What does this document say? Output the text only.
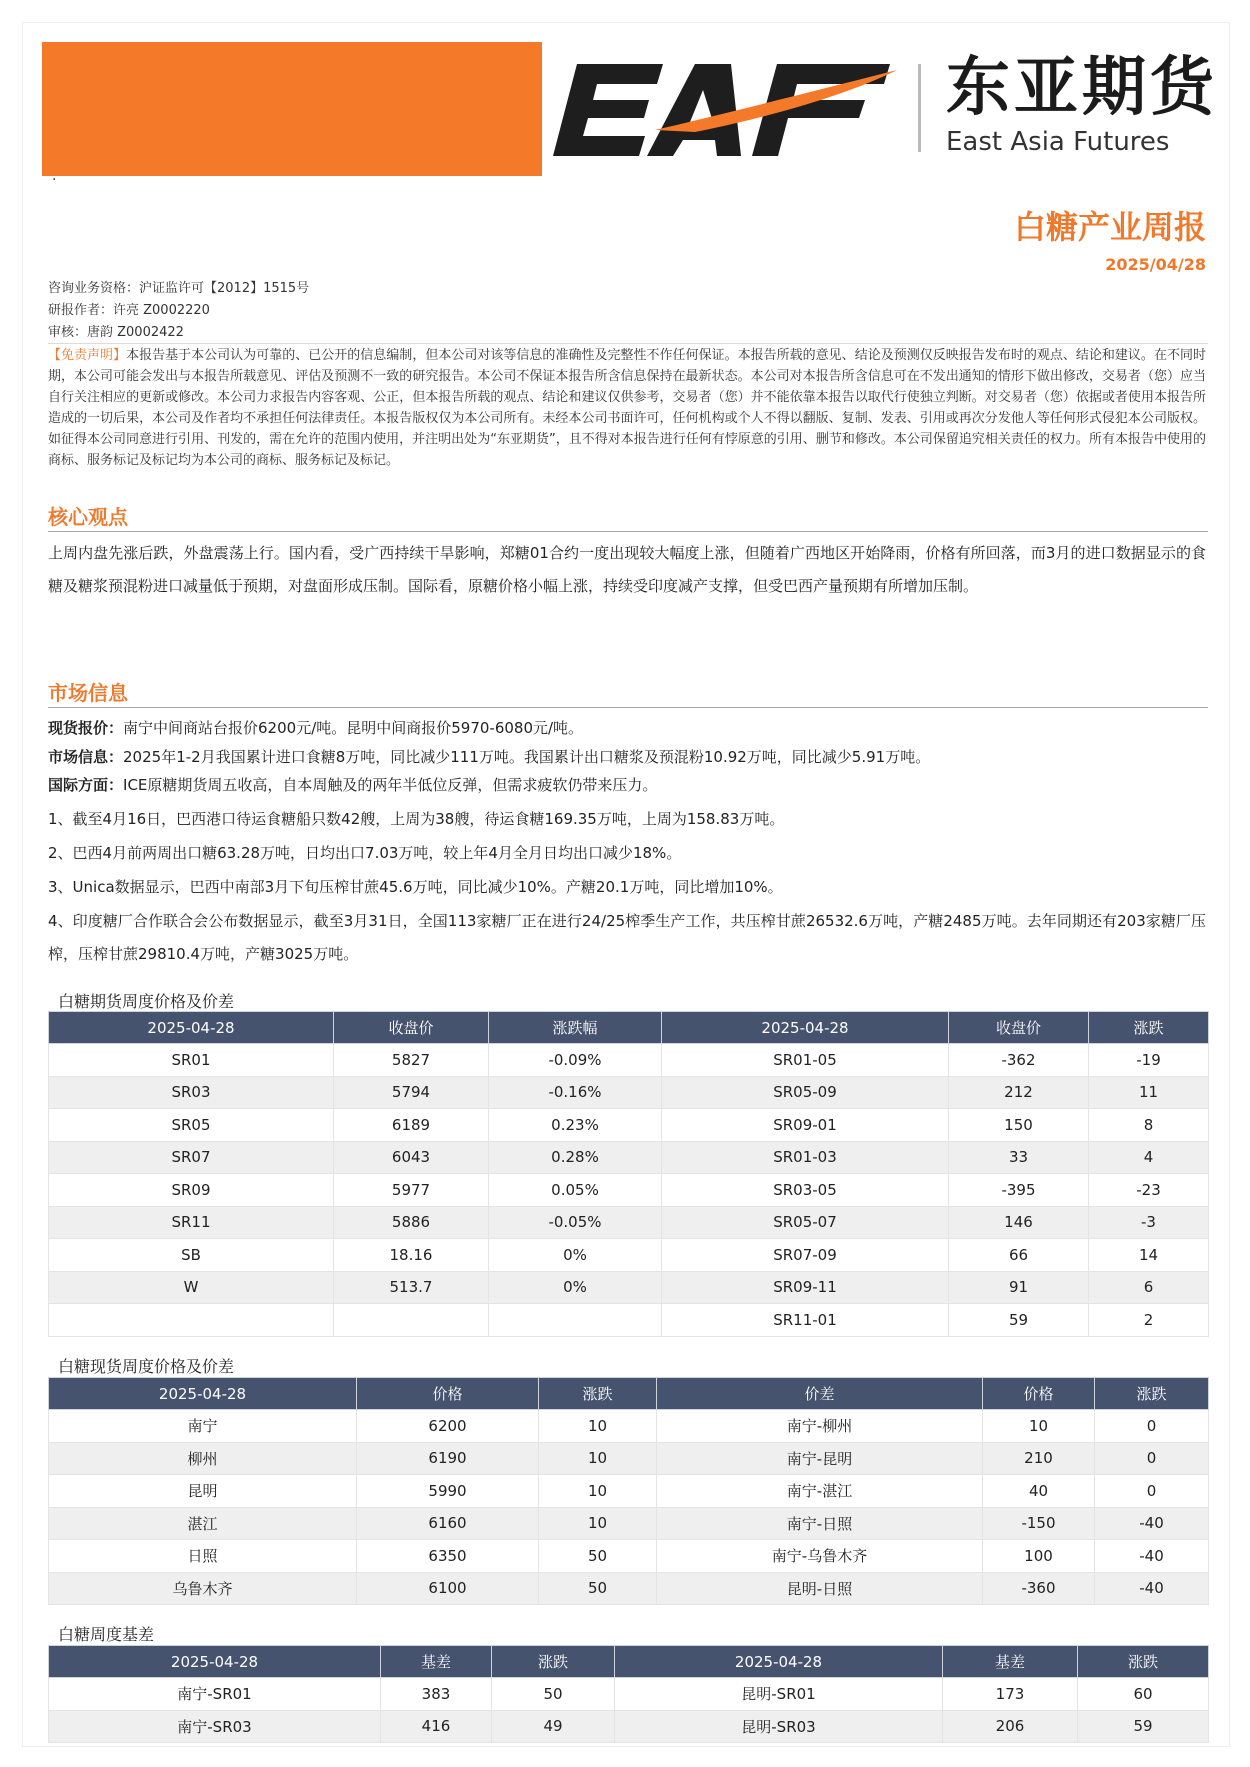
东亚期货
East Asia Futures
·
白糖产业周报
2025/04/28
咨询业务资格：沪证监许可【2012】1515号
研报作者：许亮 Z0002220
审核：唐韵 Z0002422
【免责声明】本报告基于本公司认为可靠的、已公开的信息编制，但本公司对该等信息的准确性及完整性不作任何保证。本报告所载的意见、结论及预测仅反映报告发布时的观点、结论和建议。在不同时期，本公司可能会发出与本报告所载意见、评估及预测不一致的研究报告。本公司不保证本报告所含信息保持在最新状态。本公司对本报告所含信息可在不发出通知的情形下做出修改，交易者（您）应当自行关注相应的更新或修改。本公司力求报告内容客观、公正，但本报告所载的观点、结论和建议仅供参考，交易者（您）并不能依靠本报告以取代行使独立判断。对交易者（您）依据或者使用本报告所造成的一切后果，本公司及作者均不承担任何法律责任。本报告版权仅为本公司所有。未经本公司书面许可，任何机构或个人不得以翻版、复制、发表、引用或再次分发他人等任何形式侵犯本公司版权。如征得本公司同意进行引用、刊发的，需在允许的范围内使用，并注明出处为“东亚期货”，且不得对本报告进行任何有悖原意的引用、删节和修改。本公司保留追究相关责任的权力。所有本报告中使用的商标、服务标记及标记均为本公司的商标、服务标记及标记。
核心观点
上周内盘先涨后跌，外盘震荡上行。国内看，受广西持续干旱影响，郑糖01合约一度出现较大幅度上涨，但随着广西地区开始降雨，价格有所回落，而3月的进口数据显示的食糖及糖浆预混粉进口减量低于预期，对盘面形成压制。国际看，原糖价格小幅上涨，持续受印度减产支撑，但受巴西产量预期有所增加压制。
市场信息
现货报价：南宁中间商站台报价6200元/吨。昆明中间商报价5970-6080元/吨。
市场信息：2025年1-2月我国累计进口食糖8万吨，同比减少111万吨。我国累计出口糖浆及预混粉10.92万吨，同比减少5.91万吨。
国际方面：ICE原糖期货周五收高，自本周触及的两年半低位反弹，但需求疲软仍带来压力。
1、截至4月16日，巴西港口待运食糖船只数42艘，上周为38艘，待运食糖169.35万吨，上周为158.83万吨。
2、巴西4月前两周出口糖63.28万吨，日均出口7.03万吨，较上年4月全月日均出口减少18%。
3、Unica数据显示，巴西中南部3月下旬压榨甘蔗45.6万吨，同比减少10%。产糖20.1万吨，同比增加10%。
4、印度糖厂合作联合会公布数据显示，截至3月31日，全国113家糖厂正在进行24/25榨季生产工作，共压榨甘蔗26532.6万吨，产糖2485万吨。去年同期还有203家糖厂压榨，压榨甘蔗29810.4万吨，产糖3025万吨。
白糖期货周度价格及价差
2025-04-28	收盘价	涨跌幅	2025-04-28	收盘价	涨跌
SR01	5827	-0.09%	SR01-05	-362	-19
SR03	5794	-0.16%	SR05-09	212	11
SR05	6189	0.23%	SR09-01	150	8
SR07	6043	0.28%	SR01-03	33	4
SR09	5977	0.05%	SR03-05	-395	-23
SR11	5886	-0.05%	SR05-07	146	-3
SB	18.16	0%	SR07-09	66	14
W	513.7	0%	SR09-11	91	6
			SR11-01	59	2
白糖现货周度价格及价差
2025-04-28	价格	涨跌	价差	价格	涨跌
南宁	6200	10	南宁-柳州	10	0
柳州	6190	10	南宁-昆明	210	0
昆明	5990	10	南宁-湛江	40	0
湛江	6160	10	南宁-日照	-150	-40
日照	6350	50	南宁-乌鲁木齐	100	-40
乌鲁木齐	6100	50	昆明-日照	-360	-40
白糖周度基差
2025-04-28	基差	涨跌	2025-04-28	基差	涨跌
南宁-SR01	383	50	昆明-SR01	173	60
南宁-SR03	416	49	昆明-SR03	206	59
